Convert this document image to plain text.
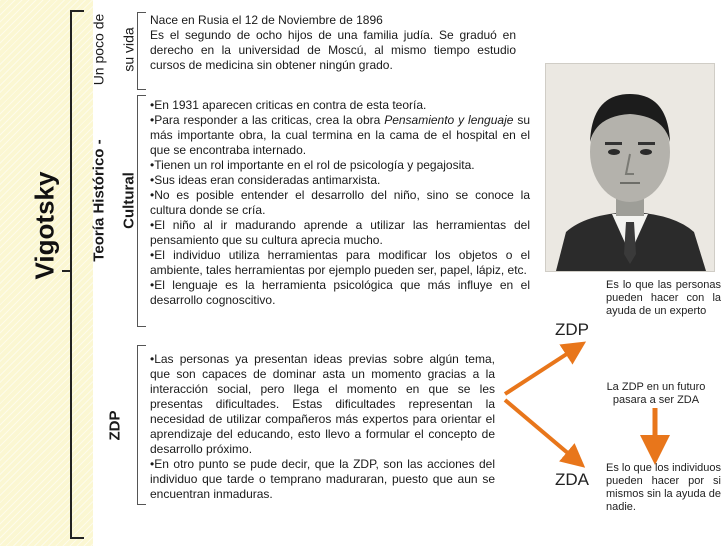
Vigotsky
Un poco de su vida
Teoría Histórico - Cultural
ZDP

Nace en Rusia el 12 de Noviembre de 1896

Es el segundo de ocho hijos de una familia judía. Se graduó en derecho en la universidad de Moscú, al mismo tiempo estudio cursos de medicina sin obtener ningún grado.

•En 1931 aparecen criticas en contra de esta teoría.

•Para responder a las criticas, crea la obra Pensamiento y lenguaje su más importante obra, la cual termina en la cama de el hospital en el que se encontraba internado.

•Tienen un rol importante en el rol de psicología y pegajosita.

•Sus ideas eran consideradas antimarxista.

•No es posible entender el desarrollo del niño, sino se conoce la cultura donde se cría.

•El niño al ir madurando aprende a utilizar las herramientas del pensamiento que su cultura aprecia mucho.

•El individuo utiliza herramientas para modificar los objetos o el ambiente, tales herramientas por ejemplo pueden ser, papel, lápiz, etc.

•El lenguaje es la herramienta psicológica que más influye en el desarrollo cognoscitivo.

•Las personas ya presentan ideas previas sobre algún tema, que son capaces de dominar asta un momento gracias a la interacción social, pero llega el momento en que se les presentas dificultades. Estas dificultades representan la necesidad de utilizar compañeros más expertos para orientar el aprendizaje del educando, esto llevo a formular el concepto de desarrollo próximo.

•En otro punto se pude decir, que la ZDP, son las acciones del individuo que tarde o temprano maduraran, puesto que aun se encuentran inmaduras.

ZDP
ZDA

Es lo que las personas pueden hacer con la ayuda de un experto

La ZDP en un futuro pasara a ser ZDA

Es lo que los individuos pueden hacer por si mismos sin la ayuda de nadie.
